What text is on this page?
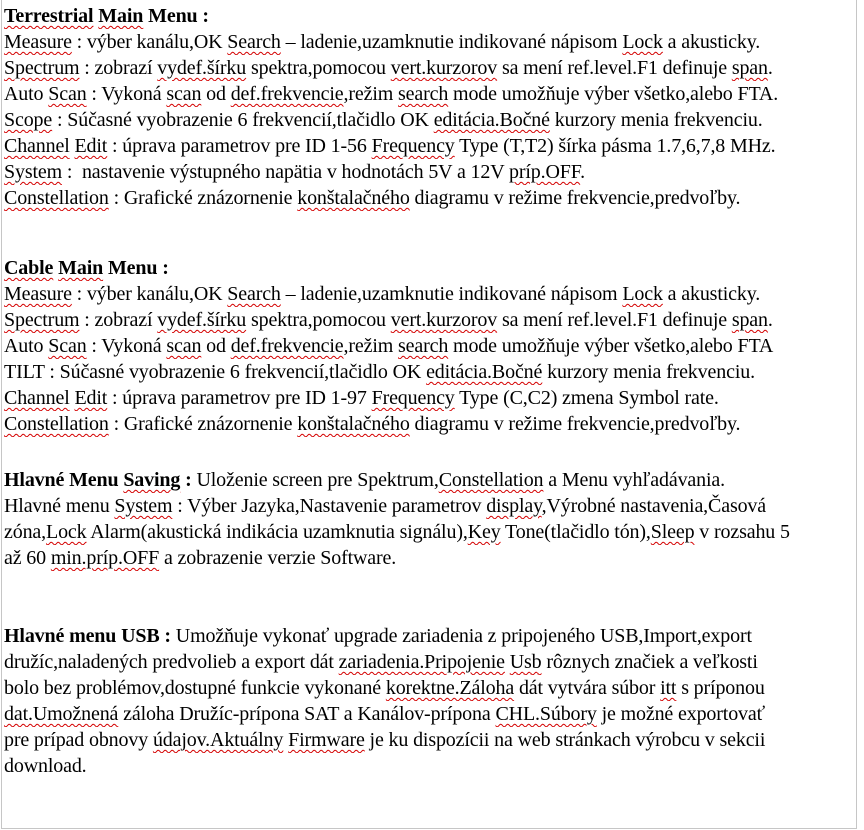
Terrestrial Main Menu :
Measure : výber kanálu,OK Search – ladenie,uzamknutie indikované nápisom Lock a akusticky.
Spectrum : zobrazí vydef.šírku spektra,pomocou vert.kurzorov sa mení ref.level.F1 definuje span.
Auto Scan : Vykoná scan od def.frekvencie,režim search mode umožňuje výber všetko,alebo FTA.
Scope : Súčasné vyobrazenie 6 frekvencií,tlačidlo OK editácia.Bočné kurzory menia frekvenciu.
Channel Edit : úprava parametrov pre ID 1-56 Frequency Type (T,T2) šírka pásma 1.7,6,7,8 MHz.
System :  nastavenie výstupného napätia v hodnotách 5V a 12V príp.OFF.
Constellation : Grafické znázornenie konštalačného diagramu v režime frekvencie,predvoľby.
Cable Main Menu :
Measure : výber kanálu,OK Search – ladenie,uzamknutie indikované nápisom Lock a akusticky.
Spectrum : zobrazí vydef.šírku spektra,pomocou vert.kurzorov sa mení ref.level.F1 definuje span.
Auto Scan : Vykoná scan od def.frekvencie,režim search mode umožňuje výber všetko,alebo FTA
TILT : Súčasné vyobrazenie 6 frekvencií,tlačidlo OK editácia.Bočné kurzory menia frekvenciu.
Channel Edit : úprava parametrov pre ID 1-97 Frequency Type (C,C2) zmena Symbol rate.
Constellation : Grafické znázornenie konštalačného diagramu v režime frekvencie,predvoľby.
Hlavné Menu Saving : Uloženie screen pre Spektrum,Constellation a Menu vyhľadávania.
Hlavné menu System : Výber Jazyka,Nastavenie parametrov display,Výrobné nastavenia,Časová
zóna,Lock Alarm(akustická indikácia uzamknutia signálu),Key Tone(tlačidlo tón),Sleep v rozsahu 5
až 60 min.príp.OFF a zobrazenie verzie Software.
Hlavné menu USB : Umožňuje vykonať upgrade zariadenia z pripojeného USB,Import,export
družíc,naladených predvolieb a export dát zariadenia.Pripojenie Usb rôznych značiek a veľkosti
bolo bez problémov,dostupné funkcie vykonané korektne.Záloha dát vytvára súbor itt s príponou
dat.Umožnená záloha Družíc-prípona SAT a Kanálov-prípona CHL.Súbory je možné exportovať
pre prípad obnovy údajov.Aktuálny Firmware je ku dispozícii na web stránkach výrobcu v sekcii
download.
